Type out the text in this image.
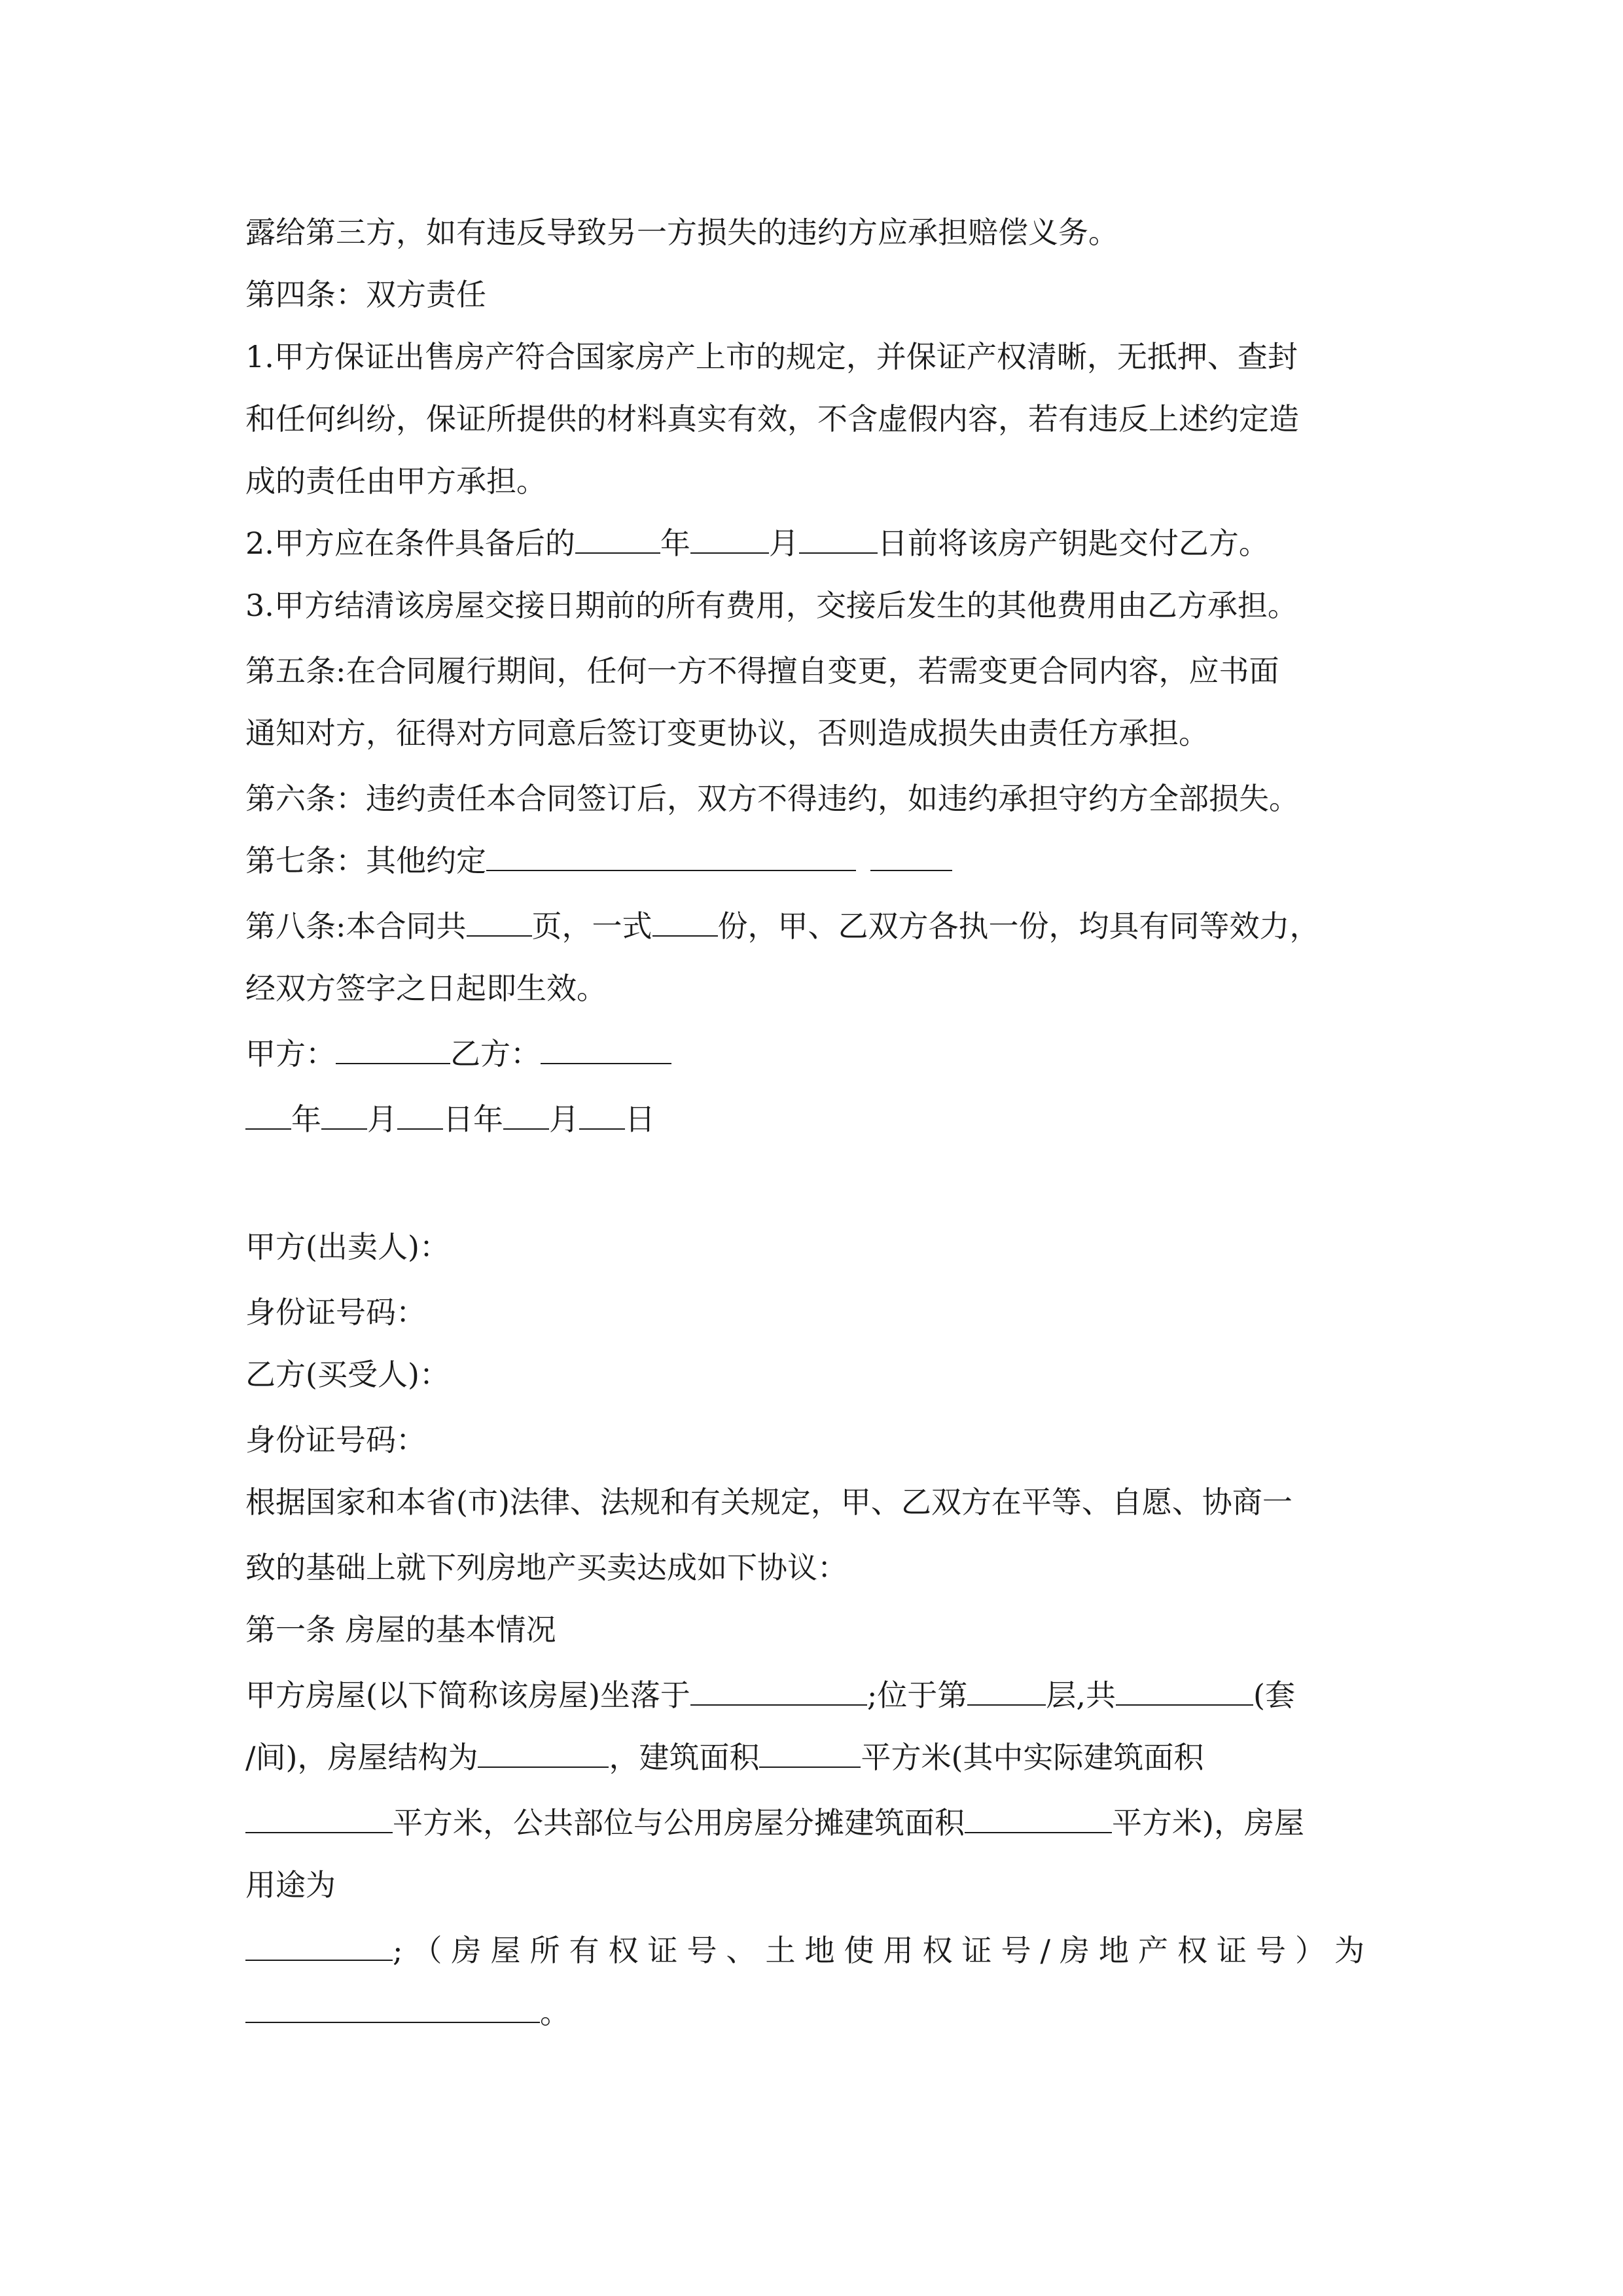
露给第三方，如有违反导致另一方损失的违约方应承担赔偿义务。
第四条：双方责任
1.甲方保证出售房产符合国家房产上市的规定，并保证产权清晰，无抵押、查封
和任何纠纷，保证所提供的材料真实有效，不含虚假内容，若有违反上述约定造
成的责任由甲方承担。
2.甲方应在条件具备后的	年	月	日前将该房产钥匙交付乙方。
3.甲方结清该房屋交接日期前的所有费用，交接后发生的其他费用由乙方承担。
第五条:在合同履行期间，任何一方不得擅自变更，若需变更合同内容，应书面
通知对方，征得对方同意后签订变更协议，否则造成损失由责任方承担。
第六条：违约责任本合同签订后，双方不得违约，如违约承担守约方全部损失。
第七条：其他约定
第八条:本合同共 页，一式 份，甲、乙双方各执一份，均具有同等效力，
经双方签字之日起即生效。
甲方：	乙方：
年 月 日年 月 日
甲方(出卖人)：
身份证号码：
乙方(买受人)：
身份证号码：
根据国家和本省(市)法律、法规和有关规定，甲、乙双方在平等、自愿、协商一
致的基础上就下列房地产买卖达成如下协议：
第一条 房屋的基本情况
甲方房屋(以下简称该房屋)坐落于	;位于第	层,共	(套
/间)，房屋结构为	，建筑面积	平方米(其中实际建筑面积
平方米，公共部位与公用房屋分摊建筑面积	平方米)，房屋
用途为
;（房屋所有权证号、土地使用权证号/房地产权证号）为
。
